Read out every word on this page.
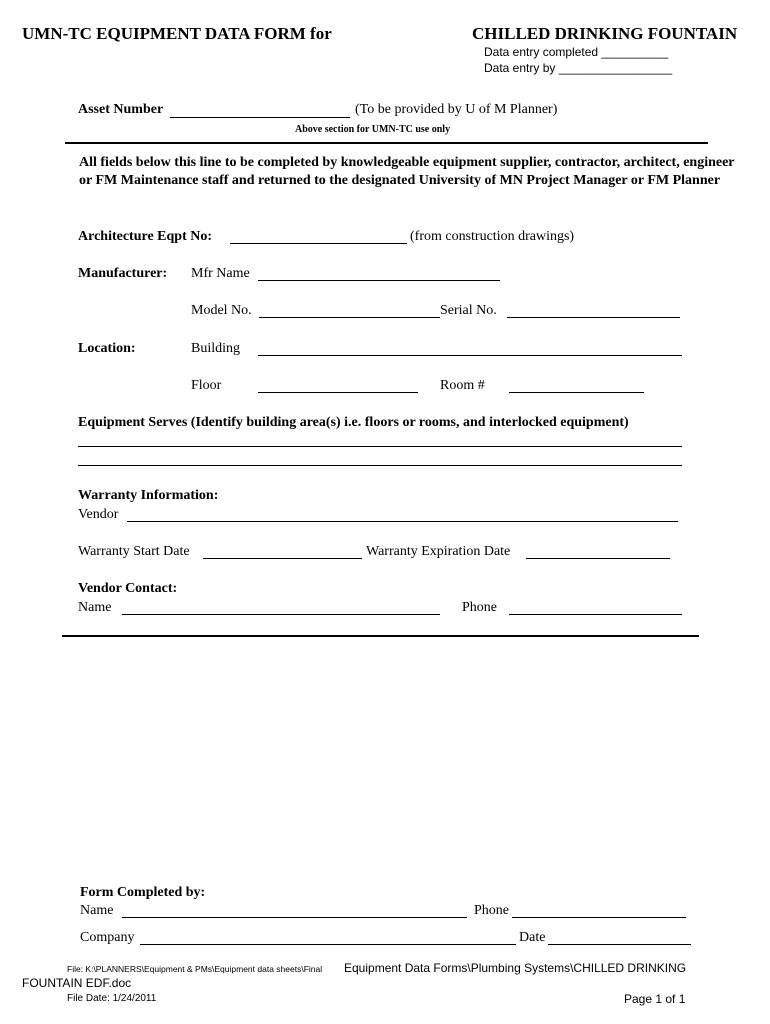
UMN-TC EQUIPMENT DATA FORM for	CHILLED DRINKING FOUNTAIN
Data entry completed __________
Data entry by _________________
Asset Number	(To be provided by U of M Planner)
Above section for UMN-TC use only
All fields below this line to be completed by knowledgeable equipment supplier, contractor, architect, engineer or FM Maintenance staff and returned to the designated University of MN Project Manager or FM Planner
Architecture Eqpt No:	(from construction drawings)
Manufacturer: Mfr Name
Model No.	Serial No.
Location:	Building
Floor	Room #
Equipment Serves (Identify building area(s) i.e. floors or rooms, and interlocked equipment)
Warranty Information:
Vendor
Warranty Start Date	Warranty Expiration Date
Vendor Contact:
Name	Phone
Form Completed by:
Name	Phone
Company	Date
File: K:\PLANNERS\Equipment & PMs\Equipment data sheets\Final Equipment Data Forms\Plumbing Systems\CHILLED DRINKING
FOUNTAIN EDF.doc
File Date: 1/24/2011	Page 1 of 1
